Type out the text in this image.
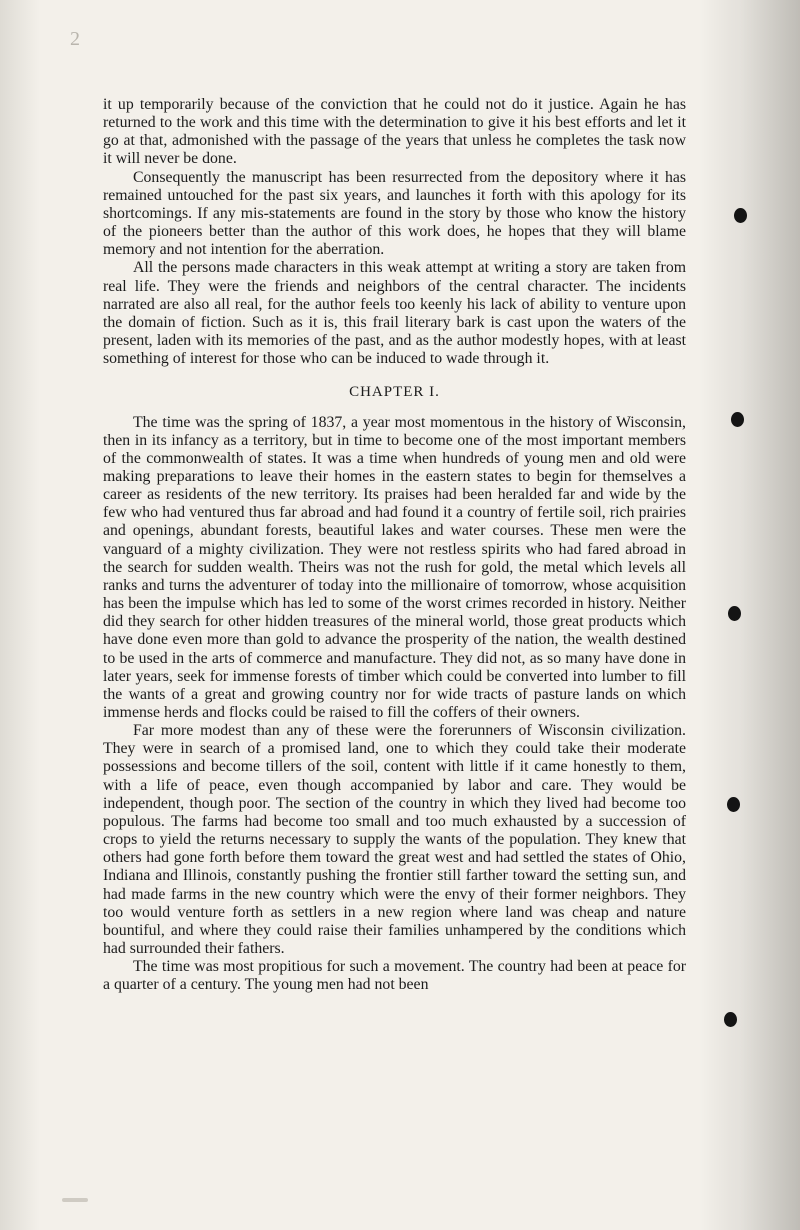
2

it up temporarily because of the conviction that he could not do it justice. Again he has returned to the work and this time with the determination to give it his best efforts and let it go at that, admonished with the passage of the years that unless he completes the task now it will never be done.

Consequently the manuscript has been resurrected from the depository where it has remained untouched for the past six years, and launches it forth with this apology for its shortcomings. If any mis-statements are found in the story by those who know the history of the pioneers better than the author of this work does, he hopes that they will blame memory and not intention for the aberration.

All the persons made characters in this weak attempt at writing a story are taken from real life. They were the friends and neighbors of the central character. The incidents narrated are also all real, for the author feels too keenly his lack of ability to venture upon the domain of fiction. Such as it is, this frail literary bark is cast upon the waters of the present, laden with its memories of the past, and as the author modestly hopes, with at least something of interest for those who can be induced to wade through it.

CHAPTER I.

The time was the spring of 1837, a year most momentous in the history of Wisconsin, then in its infancy as a territory, but in time to become one of the most important members of the commonwealth of states. It was a time when hundreds of young men and old were making preparations to leave their homes in the eastern states to begin for themselves a career as residents of the new territory. Its praises had been heralded far and wide by the few who had ventured thus far abroad and had found it a country of fertile soil, rich prairies and openings, abundant forests, beautiful lakes and water courses. These men were the vanguard of a mighty civilization. They were not restless spirits who had fared abroad in the search for sudden wealth. Theirs was not the rush for gold, the metal which levels all ranks and turns the adventurer of today into the millionaire of tomorrow, whose acquisition has been the impulse which has led to some of the worst crimes recorded in history. Neither did they search for other hidden treasures of the mineral world, those great products which have done even more than gold to advance the prosperity of the nation, the wealth destined to be used in the arts of commerce and manufacture. They did not, as so many have done in later years, seek for immense forests of timber which could be converted into lumber to fill the wants of a great and growing country nor for wide tracts of pasture lands on which immense herds and flocks could be raised to fill the coffers of their owners.

Far more modest than any of these were the forerunners of Wisconsin civilization. They were in search of a promised land, one to which they could take their moderate possessions and become tillers of the soil, content with little if it came honestly to them, with a life of peace, even though accompanied by labor and care. They would be independent, though poor. The section of the country in which they lived had become too populous. The farms had become too small and too much exhausted by a succession of crops to yield the returns necessary to supply the wants of the population. They knew that others had gone forth before them toward the great west and had settled the states of Ohio, Indiana and Illinois, constantly pushing the frontier still farther toward the setting sun, and had made farms in the new country which were the envy of their former neighbors. They too would venture forth as settlers in a new region where land was cheap and nature bountiful, and where they could raise their families unhampered by the conditions which had surrounded their fathers.

The time was most propitious for such a movement. The country had been at peace for a quarter of a century. The young men had not been
